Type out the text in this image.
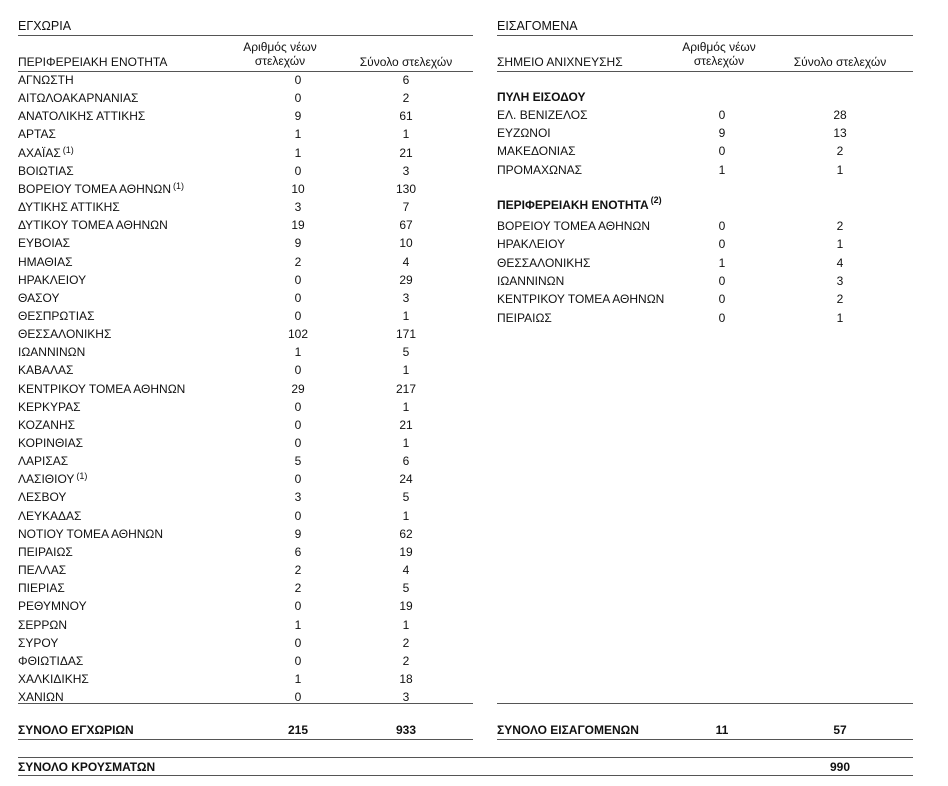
ΕΓΧΩΡΙΑ
ΠΕΡΙΦΕΡΕΙΑΚΗ ΕΝΟΤΗΤΑ
Αριθμός νέων στελεχών	Σύνολο στελεχών
ΑΓΝΩΣΤΗ	0	6
ΑΙΤΩΛΟΑΚΑΡΝΑΝΙΑΣ	0	2
ΑΝΑΤΟΛΙΚΗΣ ΑΤΤΙΚΗΣ	9	61
ΑΡΤΑΣ	1	1
ΑΧΑΪΑΣ $^{(1)}$	1	21
ΒΟΙΩΤΙΑΣ	0	3
ΒΟΡΕΙΟΥ ΤΟΜΕΑ ΑΘΗΝΩΝ $^{(1)}$	10	130
ΔΥΤΙΚΗΣ ΑΤΤΙΚΗΣ	3	7
ΔΥΤΙΚΟΥ ΤΟΜΕΑ ΑΘΗΝΩΝ	19	67
ΕΥΒΟΙΑΣ	9	10
ΗΜΑΘΙΑΣ	2	4
ΗΡΑΚΛΕΙΟΥ	0	29
ΘΑΣΟΥ	0	3
ΘΕΣΠΡΩΤΙΑΣ	0	1
ΘΕΣΣΑΛΟΝΙΚΗΣ	102	171
ΙΩΑΝΝΙΝΩΝ	1	5
ΚΑΒΑΛΑΣ	0	1
ΚΕΝΤΡΙΚΟΥ ΤΟΜΕΑ ΑΘΗΝΩΝ	29	217
ΚΕΡΚΥΡΑΣ	0	1
ΚΟΖΑΝΗΣ	0	21
ΚΟΡΙΝΘΙΑΣ	0	1
ΛΑΡΙΣΑΣ	5	6
ΛΑΣΙΘΙΟΥ $^{(1)}$	0	24
ΛΕΣΒΟΥ	3	5
ΛΕΥΚΑΔΑΣ	0	1
ΝΟΤΙΟΥ ΤΟΜΕΑ ΑΘΗΝΩΝ	9	62
ΠΕΙΡΑΙΩΣ	6	19
ΠΕΛΛΑΣ	2	4
ΠΙΕΡΙΑΣ	2	5
ΡΕΘΥΜΝΟΥ	0	19
ΣΕΡΡΩΝ	1	1
ΣΥΡΟΥ	0	2
ΦΘΙΩΤΙΔΑΣ	0	2
ΧΑΛΚΙΔΙΚΗΣ	1	18
ΧΑΝΙΩΝ	0	3
ΣΥΝΟΛΟ ΕΓΧΩΡΙΩΝ	215	933
ΕΙΣΑΓΟΜΕΝΑ
ΣΗΜΕΙΟ ΑΝΙΧΝΕΥΣΗΣ
Αριθμός νέων στελεχών	Σύνολο στελεχών
ΠΥΛΗ ΕΙΣΟΔΟΥ
ΕΛ. ΒΕΝΙΖΕΛΟΣ	0	28
ΕΥΖΩΝΟΙ	9	13
ΜΑΚΕΔΟΝΙΑΣ	0	2
ΠΡΟΜΑΧΩΝΑΣ	1	1
ΠΕΡΙΦΕΡΕΙΑΚΗ ΕΝΟΤΗΤΑ $^{(2)}$
ΒΟΡΕΙΟΥ ΤΟΜΕΑ ΑΘΗΝΩΝ	0	2
ΗΡΑΚΛΕΙΟΥ	0	1
ΘΕΣΣΑΛΟΝΙΚΗΣ	1	4
ΙΩΑΝΝΙΝΩΝ	0	3
ΚΕΝΤΡΙΚΟΥ ΤΟΜΕΑ ΑΘΗΝΩΝ	0	2
ΠΕΙΡΑΙΩΣ	0	1
ΣΥΝΟΛΟ ΕΙΣΑΓΟΜΕΝΩΝ	11	57
ΣΥΝΟΛΟ ΚΡΟΥΣΜΑΤΩΝ	990
